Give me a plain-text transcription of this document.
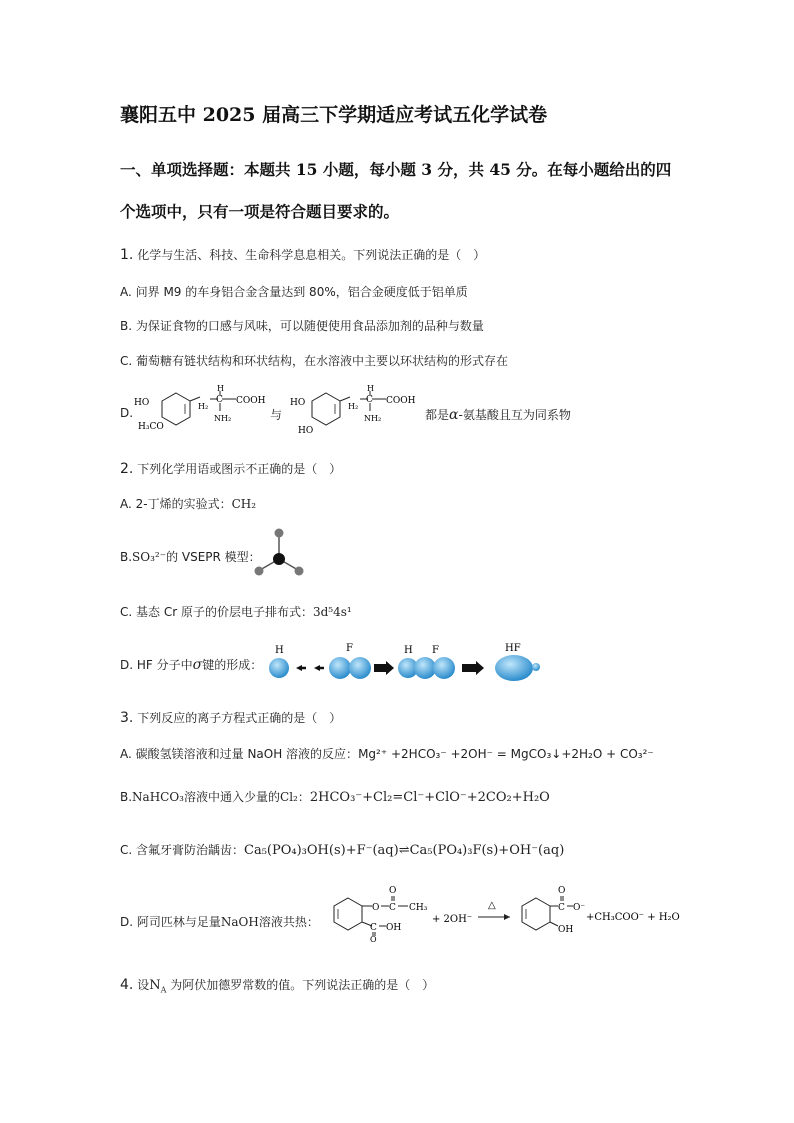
襄阳五中 2025 届高三下学期适应考试五化学试卷
一、单项选择题：本题共 15 小题，每小题 3 分，共 45 分。在每小题给出的四
个选项中，只有一项是符合题目要求的。
1. 化学与生活、科技、生命科学息息相关。下列说法正确的是（　）
A. 问界 M9 的车身铝合金含量达到 80%，铝合金硬度低于铝单质
B. 为保证食物的口感与风味，可以随便使用食品添加剂的品种与数量
C. 葡萄糖有链状结构和环状结构，在水溶液中主要以环状结构的形式存在
D.
HO
H₃CO
H₂
H
C COOH
NH₂	与
HO
HO
H₂
H
C COOH
NH₂	都是α-氨基酸且互为同系物
2. 下列化学用语或图示不正确的是（　）
A. 2-丁烯的实验式：CH₂
B.SO₃²⁻的 VSEPR 模型：
C. 基态 Cr 原子的价层电子排布式：3d⁵4s¹
D. HF 分子中σ键的形成：
H	F	H F	HF
3. 下列反应的离子方程式正确的是（　）
A. 碳酸氢镁溶液和过量 NaOH 溶液的反应：Mg²⁺ +2HCO₃⁻ +2OH⁻ = MgCO₃↓+2H₂O + CO₃²⁻
B.NaHCO₃溶液中通入少量的Cl₂：2HCO₃⁻+Cl₂=Cl⁻+ClO⁻+2CO₂+H₂O
C. 含氟牙膏防治龋齿：Ca₅(PO₄)₃OH(s)+F⁻(aq)⇌Ca₅(PO₄)₃F(s)+OH⁻(aq)
D. 阿司匹林与足量NaOH溶液共热：
O C
O
CH₃
C
O
OH
+ 2OH⁻
△	C
O
O⁻
OH
+CH₃COO⁻ + H₂O
4. 设$N_A$ 为阿伏加德罗常数的值。下列说法正确的是（　）
